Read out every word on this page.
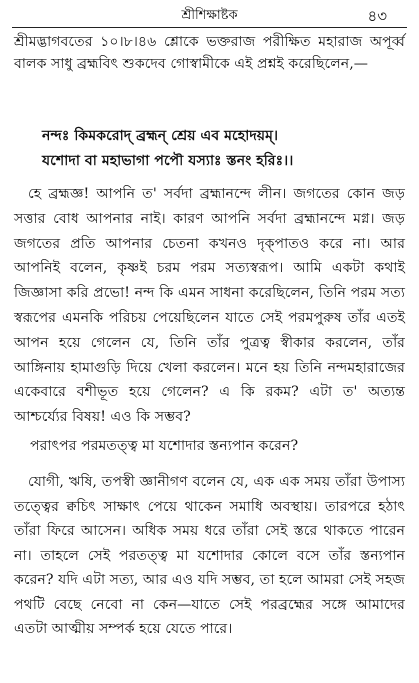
শ্রীশিক্ষাষ্টক	৪৩
শ্রীমদ্ভাগবতের ১০।৮।৪৬ শ্লোকে ভক্তরাজ পরীক্ষিত মহারাজ অপূর্ব্ব বালক সাধু ব্রহ্মবিৎ শুকদেব গোস্বামীকে এই প্রশ্নই করেছিলেন,—
নন্দঃ কিমকরোদ্ ব্রহ্মন্ শ্রেয় এব মহোদয়ম্।
যশোদা বা মহাভাগা পপৌ যস্যাঃ স্তনং হরিঃ।।
হে ব্রহ্মজ্ঞ! আপনি ত' সর্বদা ব্রহ্মানন্দে লীন। জগতের কোন জড় সত্তার বোধ আপনার নাই। কারণ আপনি সর্বদা ব্রহ্মানন্দে মগ্ন। জড় জগতের প্রতি আপনার চেতনা কখনও দৃক্পাতও করে না। আর আপনিই বলেন, কৃষ্ণই চরম পরম সত্যস্বরূপ। আমি একটা কথাই জিজ্ঞাসা করি প্রভো! নন্দ কি এমন সাধনা করেছিলেন, তিনি পরম সত্য স্বরূপের এমনকি পরিচয় পেয়েছিলেন যাতে সেই পরমপুরুষ তাঁর এতই আপন হয়ে গেলেন যে, তিনি তাঁর পুত্রত্ব স্বীকার করলেন, তাঁর আঙ্গিনায় হামাগুড়ি দিয়ে খেলা করলেন। মনে হয় তিনি নন্দমহারাজের একেবারে বশীভূত হয়ে গেলেন? এ কি রকম? এটা ত' অত্যন্ত আশ্চর্য্যের বিষয়! এও কি সম্ভব?
পরাৎপর পরমতত্ত্ব মা যশোদার স্তন্যপান করেন?
যোগী, ঋষি, তপস্বী জ্ঞানীগণ বলেন যে, এক এক সময় তাঁরা উপাস্য তত্ত্বের ক্বচিৎ সাক্ষাৎ পেয়ে থাকেন সমাধি অবস্থায়। তারপরে হঠাৎ তাঁরা ফিরে আসেন। অধিক সময় ধরে তাঁরা সেই স্তরে থাকতে পারেন না। তাহলে সেই পরতত্ত্ব মা যশোদার কোলে বসে তাঁর স্তন্যপান করেন? যদি এটা সত্য, আর এও যদি সম্ভব, তা হলে আমরা সেই সহজ পথটি বেছে নেবো না কেন—যাতে সেই পরব্রহ্মের সঙ্গে আমাদের এতটা আত্মীয় সম্পর্ক হয়ে যেতে পারে।
